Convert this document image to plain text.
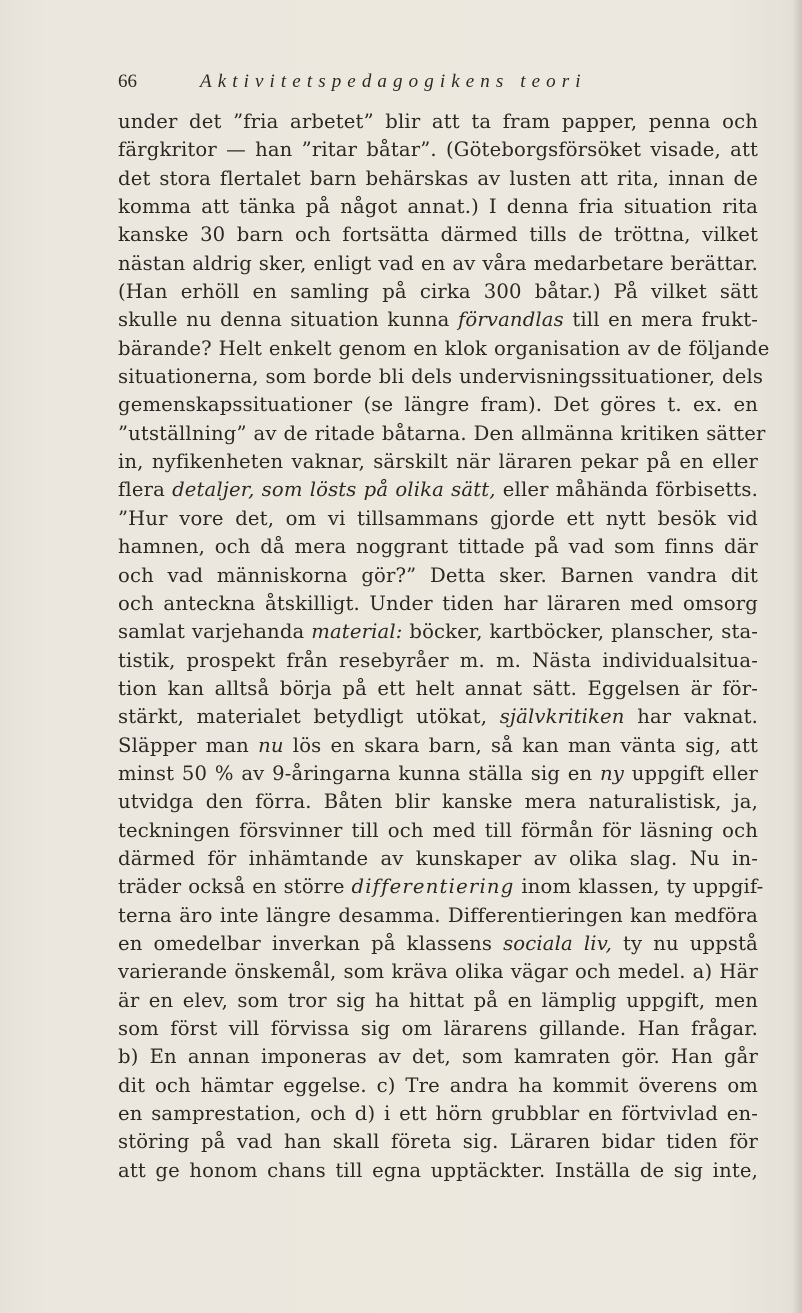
66	Aktivitetspedagogikens teori
under det ”fria arbetet” blir att ta fram papper, penna och
färgkritor — han ”ritar båtar”. (Göteborgsförsöket visade, att
det stora flertalet barn behärskas av lusten att rita, innan de
komma att tänka på något annat.) I denna fria situation rita
kanske 30 barn och fortsätta därmed tills de tröttna, vilket
nästan aldrig sker, enligt vad en av våra medarbetare berättar.
(Han erhöll en samling på cirka 300 båtar.) På vilket sätt
skulle nu denna situation kunna förvandlas till en mera frukt-
bärande? Helt enkelt genom en klok organisation av de följande
situationerna, som borde bli dels undervisningssituationer, dels
gemenskapssituationer (se längre fram). Det göres t. ex. en
”utställning” av de ritade båtarna. Den allmänna kritiken sätter
in, nyfikenheten vaknar, särskilt när läraren pekar på en eller
flera detaljer, som lösts på olika sätt, eller måhända förbisetts.
”Hur vore det, om vi tillsammans gjorde ett nytt besök vid
hamnen, och då mera noggrant tittade på vad som finns där
och vad människorna gör?” Detta sker. Barnen vandra dit
och anteckna åtskilligt. Under tiden har läraren med omsorg
samlat varjehanda material: böcker, kartböcker, planscher, sta-
tistik, prospekt från resebyråer m. m. Nästa individualsitua-
tion kan alltså börja på ett helt annat sätt. Eggelsen är för-
stärkt, materialet betydligt utökat, självkritiken har vaknat.
Släpper man nu lös en skara barn, så kan man vänta sig, att
minst 50 % av 9-åringarna kunna ställa sig en ny uppgift eller
utvidga den förra. Båten blir kanske mera naturalistisk, ja,
teckningen försvinner till och med till förmån för läsning och
därmed för inhämtande av kunskaper av olika slag. Nu in-
träder också en större differentiering inom klassen, ty uppgif-
terna äro inte längre desamma. Differentieringen kan medföra
en omedelbar inverkan på klassens sociala liv, ty nu uppstå
varierande önskemål, som kräva olika vägar och medel. a) Här
är en elev, som tror sig ha hittat på en lämplig uppgift, men
som först vill förvissa sig om lärarens gillande. Han frågar.
b) En annan imponeras av det, som kamraten gör. Han går
dit och hämtar eggelse. c) Tre andra ha kommit överens om
en samprestation, och d) i ett hörn grubblar en förtvivlad en-
störing på vad han skall företa sig. Läraren bidar tiden för
att ge honom chans till egna upptäckter. Inställa de sig inte,
